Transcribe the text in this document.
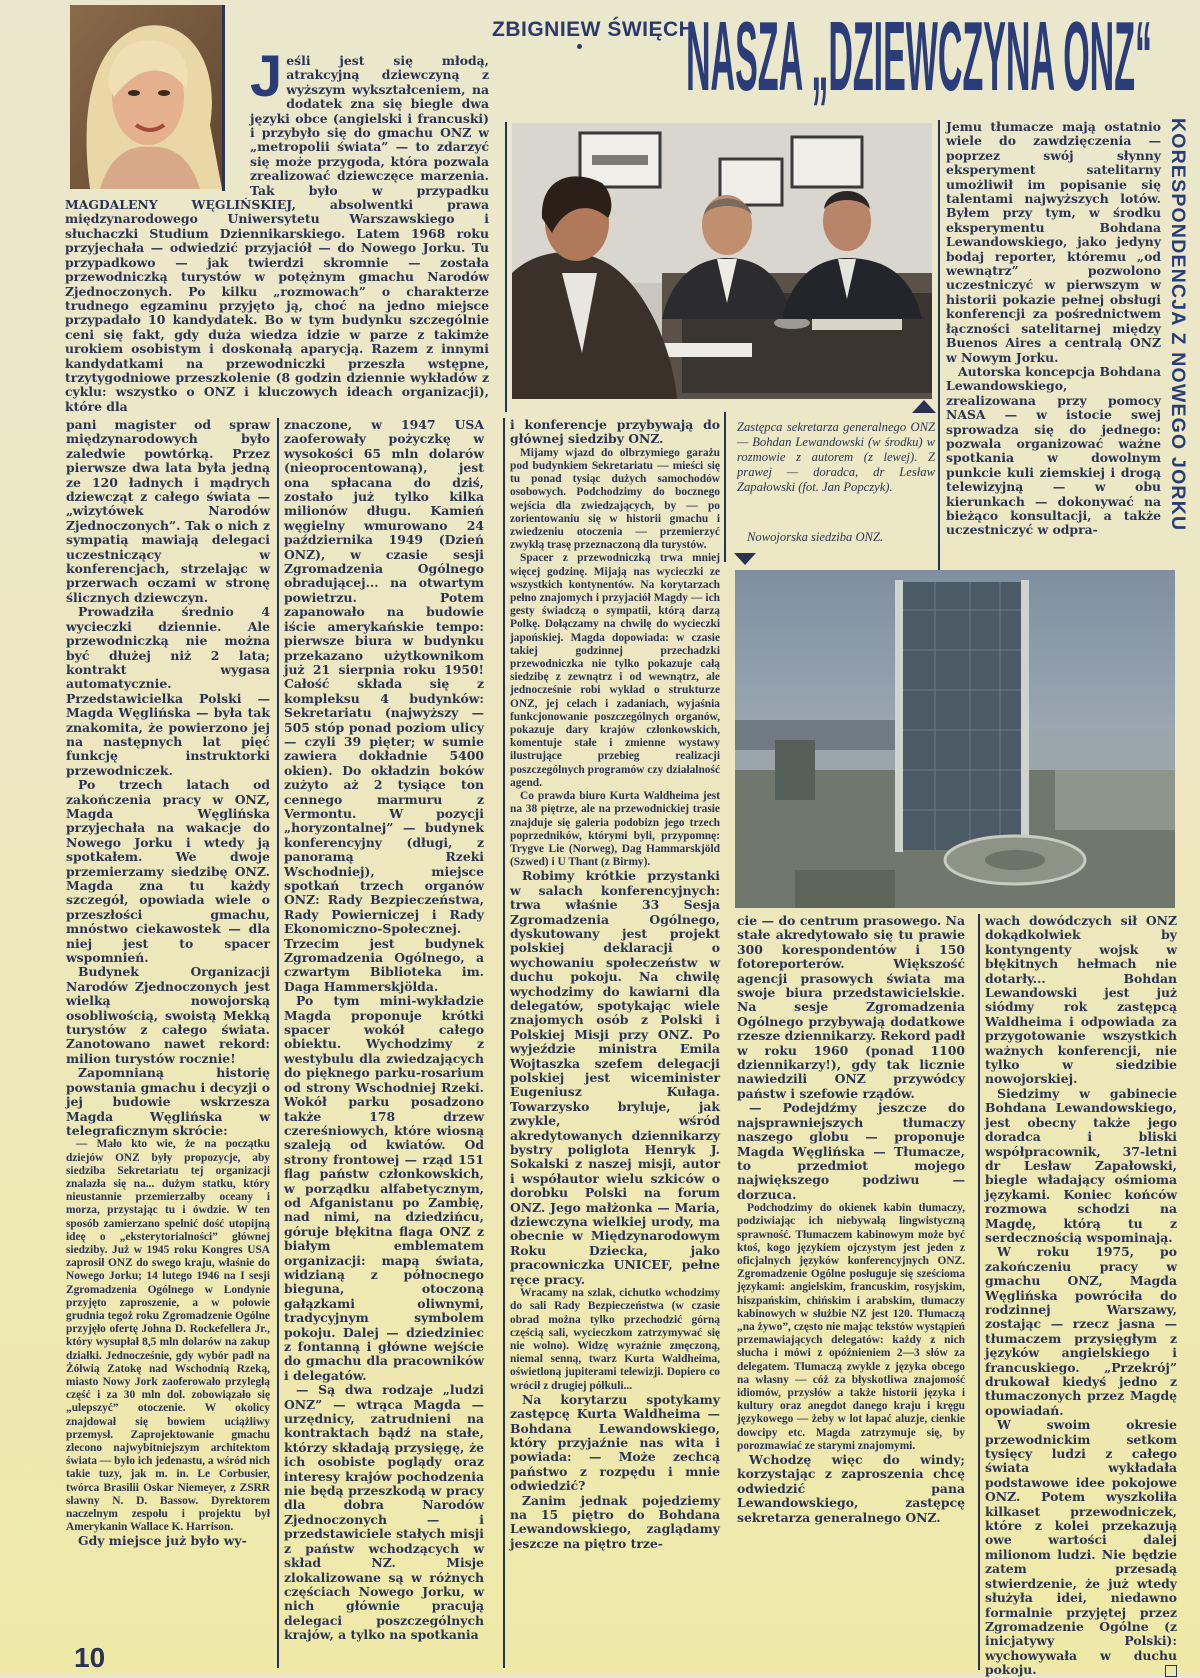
ZBIGNIEW ŚWIĘCH
NASZA „DZIEWCZYNA ONZ“
KORESPONDENCJA Z NOWEGO JORKU
J eśli jest się młodą, atrakcyjną dziewczyną z wyższym wykształceniem, na dodatek zna się biegle dwa języki obce (angielski i francuski) i przybyło się do gmachu ONZ w „metropolii świata” — to zdarzyć się może przygoda, która pozwala zrealizować dziewczęce marzenia. Tak było w przypadku MAGDALENY WĘGLIŃSKIEJ, absolwentki prawa międzynarodowego Uniwersytetu Warszawskiego i słuchaczki Studium Dziennikarskiego. Latem 1968 roku przyjechała — odwiedzić przyjaciół — do Nowego Jorku. Tu przypadkowo — jak twierdzi skromnie — została przewodniczką turystów w potężnym gmachu Narodów Zjednoczonych. Po kilku „rozmowach” o charakterze trudnego egzaminu przyjęto ją, choć na jedno miejsce przypadało 10 kandydatek. Bo w tym budynku szczególnie ceni się fakt, gdy duża wiedza idzie w parze z takimże urokiem osobistym i doskonałą aparycją. Razem z innymi kandydatkami na przewodniczki przeszła wstępne, trzytygodniowe przeszkolenie (8 godzin dziennie wykładów z cyklu: wszystko o ONZ i kluczowych ideach organizacji), które dla

Jemu tłumacze mają ostatnio wiele do zawdzięczenia — poprzez swój słynny eksperyment satelitarny umożliwił im popisanie się talentami najwyższych lotów. Byłem przy tym, w środku eksperymentu Bohdana Lewandowskiego, jako jedyny bodaj reporter, któremu „od wewnątrz” pozwolono uczestniczyć w pierwszym w historii pokazie pełnej obsługi konferencji za pośrednictwem łączności satelitarnej między Buenos Aires a centralą ONZ w Nowym Jorku.

Autorska koncepcja Bohdana Lewandowskiego, zrealizowana przy pomocy NASA — w istocie swej sprowadza się do jednego: pozwala organizować ważne spotkania w dowolnym punkcie kuli ziemskiej i drogą telewizyjną — w obu kierunkach — dokonywać na bieżąco konsultacji, a także uczestniczyć w odpra-

pani magister od spraw międzynarodowych było zaledwie powtórką. Przez pierwsze dwa lata była jedną ze 120 ładnych i mądrych dziewcząt z całego świata — „wizytówek Narodów Zjednoczonych”. Tak o nich z sympatią mawiają delegaci uczestniczący w konferencjach, strzelając w przerwach oczami w stronę ślicznych dziewczyn.

Prowadziła średnio 4 wycieczki dziennie. Ale przewodniczką nie można być dłużej niż 2 lata; kontrakt wygasa automatycznie. Przedstawicielka Polski — Magda Węglińska — była tak znakomita, że powierzono jej na następnych lat pięć funkcję instruktorki przewodniczek.

Po trzech latach od zakończenia pracy w ONZ, Magda Węglińska przyjechała na wakacje do Nowego Jorku i wtedy ją spotkałem. We dwoje przemierzamy siedzibę ONZ. Magda zna tu każdy szczegół, opowiada wiele o przeszłości gmachu, mnóstwo ciekawostek — dla niej jest to spacer wspomnień.

Budynek Organizacji Narodów Zjednoczonych jest wielką nowojorską osobliwością, swoistą Mekką turystów z całego świata. Zanotowano nawet rekord: milion turystów rocznie!

Zapomnianą historię powstania gmachu i decyzji o jej budowie wskrzesza Magda Węglińska w telegraficznym skrócie:

— Mało kto wie, że na początku dziejów ONZ były propozycje, aby siedziba Sekretariatu tej organizacji znalazła się na... dużym statku, który nieustannie przemierzałby oceany i morza, przystając tu i ówdzie. W ten sposób zamierzano spełnić dość utopijną ideę o „eksterytorialności” głównej siedziby. Już w 1945 roku Kongres USA zaprosił ONZ do swego kraju, właśnie do Nowego Jorku; 14 lutego 1946 na I sesji Zgromadzenia Ogólnego w Londynie przyjęto zaproszenie, a w połowie grudnia tegoż roku Zgromadzenie Ogólne przyjęło ofertę Johna D. Rockefellera Jr., który wysupłał 8,5 mln dolarów na zakup działki. Jednocześnie, gdy wybór padł na Żółwią Zatokę nad Wschodnią Rzeką, miasto Nowy Jork zaoferowało przyległą część i za 30 mln dol. zobowiązało się „ulepszyć” otoczenie. W okolicy znajdował się bowiem uciążliwy przemysł. Zaprojektowanie gmachu zlecono najwybitniejszym architektom świata — było ich jedenastu, a wśród nich takie tuzy, jak m. in. Le Corbusier, twórca Brasilii Oskar Niemeyer, z ZSRR sławny N. D. Bassow. Dyrektorem naczelnym zespołu i projektu był Amerykanin Wallace K. Harrison.

Gdy miejsce już było wy-

znaczone, w 1947 USA zaoferowały pożyczkę w wysokości 65 mln dolarów (nieoprocentowaną), jest ona spłacana do dziś, zostało już tylko kilka milionów długu. Kamień węgielny wmurowano 24 października 1949 (Dzień ONZ), w czasie sesji Zgromadzenia Ogólnego obradującej... na otwartym powietrzu. Potem zapanowało na budowie iście amerykańskie tempo: pierwsze biura w budynku przekazano użytkownikom już 21 sierpnia roku 1950! Całość składa się z kompleksu 4 budynków: Sekretariatu (najwyższy — 505 stóp ponad poziom ulicy — czyli 39 pięter; w sumie zawiera dokładnie 5400 okien). Do okładzin boków zużyto aż 2 tysiące ton cennego marmuru z Vermontu. W pozycji „horyzontalnej” — budynek konferencyjny (długi, z panoramą Rzeki Wschodniej), miejsce spotkań trzech organów ONZ: Rady Bezpieczeństwa, Rady Powierniczej i Rady Ekonomiczno-Społecznej. Trzecim jest budynek Zgromadzenia Ogólnego, a czwartym Biblioteka im. Daga Hammerskjölda.

Po tym mini-wykładzie Magda proponuje krótki spacer wokół całego obiektu. Wychodzimy z westybulu dla zwiedzających do pięknego parku-rosarium od strony Wschodniej Rzeki. Wokół parku posadzono także 178 drzew czereśniowych, które wiosną szaleją od kwiatów. Od strony frontowej — rząd 151 flag państw członkowskich, w porządku alfabetycznym, od Afganistanu po Zambię, nad nimi, na dziedzińcu, góruje błękitna flaga ONZ z białym emblematem organizacji: mapą świata, widzianą z północnego bieguna, otoczoną gałązkami oliwnymi, tradycyjnym symbolem pokoju. Dalej — dziedziniec z fontanną i główne wejście do gmachu dla pracowników i delegatów.

— Są dwa rodzaje „ludzi ONZ” — wtrąca Magda — urzędnicy, zatrudnieni na kontraktach bądź na stałe, którzy składają przysięgę, że ich osobiste poglądy oraz interesy krajów pochodzenia nie będą przeszkodą w pracy dla dobra Narodów Zjednoczonych — i przedstawiciele stałych misji z państw wchodzących w skład NZ. Misje zlokalizowane są w różnych częściach Nowego Jorku, w nich głównie pracują delegaci poszczególnych krajów, a tylko na spotkania

i konferencje przybywają do głównej siedziby ONZ.

Mijamy wjazd do olbrzymiego garażu pod budynkiem Sekretariatu — mieści się tu ponad tysiąc dużych samochodów osobowych. Podchodzimy do bocznego wejścia dla zwiedzających, by — po zorientowaniu się w historii gmachu i zwiedzeniu otoczenia — przemierzyć zwykłą trasę przeznaczoną dla turystów.

Spacer z przewodniczką trwa mniej więcej godzinę. Mijają nas wycieczki ze wszystkich kontynentów. Na korytarzach pełno znajomych i przyjaciół Magdy — ich gesty świadczą o sympatii, którą darzą Polkę. Dołączamy na chwilę do wycieczki japońskiej. Magda dopowiada: w czasie takiej godzinnej przechadzki przewodniczka nie tylko pokazuje całą siedzibę z zewnątrz i od wewnątrz, ale jednocześnie robi wykład o strukturze ONZ, jej celach i zadaniach, wyjaśnia funkcjonowanie poszczególnych organów, pokazuje dary krajów członkowskich, komentuje stałe i zmienne wystawy ilustrujące przebieg realizacji poszczególnych programów czy działalność agend.

Co prawda biuro Kurta Waldheima jest na 38 piętrze, ale na przewodnickiej trasie znajduje się galeria podobizn jego trzech poprzedników, którymi byli, przypomnę: Trygve Lie (Norweg), Dag Hammarskjöld (Szwed) i U Thant (z Birmy).

Robimy krótkie przystanki w salach konferencyjnych: trwa właśnie 33 Sesja Zgromadzenia Ogólnego, dyskutowany jest projekt polskiej deklaracji o wychowaniu społeczeństw w duchu pokoju. Na chwilę wychodzimy do kawiarni dla delegatów, spotykając wiele znajomych osób z Polski i Polskiej Misji przy ONZ. Po wyjeździe ministra Emila Wojtaszka szefem delegacji polskiej jest wiceminister Eugeniusz Kułaga. Towarzysko bryluje, jak zwykle, wśród akredytowanych dziennikarzy bystry poliglota Henryk J. Sokalski z naszej misji, autor i współautor wielu szkiców o dorobku Polski na forum ONZ. Jego małżonka — Maria, dziewczyna wielkiej urody, ma obecnie w Międzynarodowym Roku Dziecka, jako pracowniczka UNICEF, pełne ręce pracy.

Wracamy na szlak, cichutko wchodzimy do sali Rady Bezpieczeństwa (w czasie obrad można tylko przechodzić górną częścią sali, wycieczkom zatrzymywać się nie wolno). Widzę wyraźnie zmęczoną, niemal senną, twarz Kurta Waldheima, oświetloną jupiterami telewizji. Dopiero co wrócił z drugiej półkuli...

Na korytarzu spotykamy zastępcę Kurta Waldheima — Bohdana Lewandowskiego, który przyjaźnie nas wita i powiada: — Może zechcą państwo z rozpędu i mnie odwiedzić?

Zanim jednak pojedziemy na 15 piętro do Bohdana Lewandowskiego, zaglądamy jeszcze na piętro trze-

Zastępca sekretarza generalnego ONZ — Bohdan Lewandowski (w środku) w rozmowie z autorem (z lewej). Z prawej — doradca, dr Lesław Zapałowski (fot. Jan Popczyk).
Nowojorska siedziba ONZ.

cie — do centrum prasowego. Na stałe akredytowało się tu prawie 300 korespondentów i 150 fotoreporterów. Większość agencji prasowych świata ma swoje biura przedstawicielskie. Na sesje Zgromadzenia Ogólnego przybywają dodatkowe rzesze dziennikarzy. Rekord padł w roku 1960 (ponad 1100 dziennikarzy!), gdy tak licznie nawiedzili ONZ przywódcy państw i szefowie rządów.

— Podejdźmy jeszcze do najsprawniejszych tłumaczy naszego globu — proponuje Magda Węglińska — Tłumacze, to przedmiot mojego największego podziwu — dorzuca.

Podchodzimy do okienek kabin tłumaczy, podziwiając ich niebywałą lingwistyczną sprawność. Tłumaczem kabinowym może być ktoś, kogo językiem ojczystym jest jeden z oficjalnych języków konferencyjnych ONZ. Zgromadzenie Ogólne posługuje się sześcioma językami: angielskim, francuskim, rosyjskim, hiszpańskim, chińskim i arabskim, tłumaczy kabinowych w służbie NZ jest 120. Tłumaczą „na żywo”, często nie mając tekstów wystąpień przemawiających delegatów: każdy z nich słucha i mówi z opóźnieniem 2—3 słów za delegatem. Tłumaczą zwykle z języka obcego na własny — cóż za błyskotliwa znajomość idiomów, przysłów a także historii języka i kultury oraz anegdot danego kraju i kręgu językowego — żeby w lot łapać aluzje, cienkie dowcipy etc. Magda zatrzymuje się, by porozmawiać ze starymi znajomymi.

Wchodzę więc do windy; korzystając z zaproszenia chcę odwiedzić pana Lewandowskiego, zastępcę sekretarza generalnego ONZ.

wach dowódczych sił ONZ dokądkolwiek by kontyngenty wojsk w błękitnych hełmach nie dotarły... Bohdan Lewandowski jest już siódmy rok zastępcą Waldheima i odpowiada za przygotowanie wszystkich ważnych konferencji, nie tylko w siedzibie nowojorskiej.

Siedzimy w gabinecie Bohdana Lewandowskiego, jest obecny także jego doradca i bliski współpracownik, 37-letni dr Lesław Zapałowski, biegle władający ośmioma językami. Koniec końców rozmowa schodzi na Magdę, którą tu z serdecznością wspominają.

W roku 1975, po zakończeniu pracy w gmachu ONZ, Magda Węglińska powróciła do rodzinnej Warszawy, zostając — rzecz jasna — tłumaczem przysięgłym z języków angielskiego i francuskiego. „Przekrój” drukował kiedyś jedno z tłumaczonych przez Magdę opowiadań.

W swoim okresie przewodnickim setkom tysięcy ludzi z całego świata wykładała podstawowe idee pokojowe ONZ. Potem wyszkoliła kilkaset przewodniczek, które z kolei przekazują owe wartości dalej milionom ludzi. Nie będzie zatem przesadą stwierdzenie, że już wtedy służyła idei, niedawno formalnie przyjętej przez Zgromadzenie Ogólne (z inicjatywy Polski): wychowywała w duchu pokoju.

10
